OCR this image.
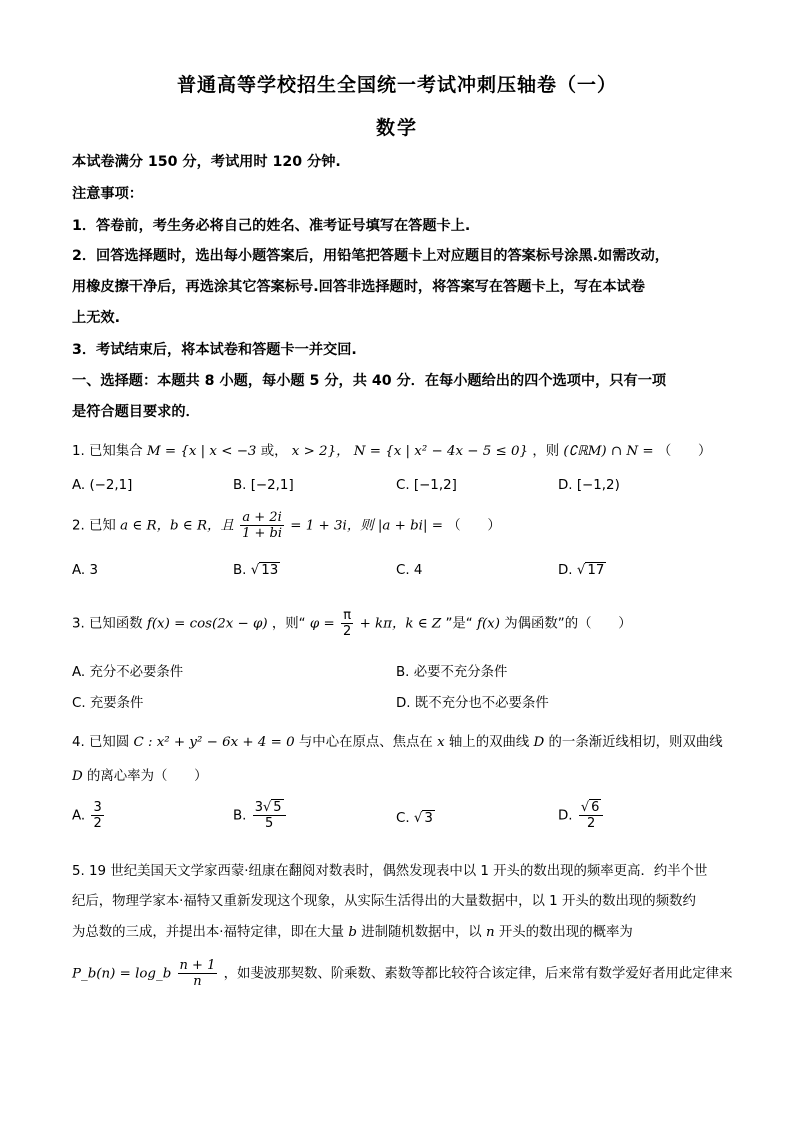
普通高等学校招生全国统一考试冲刺压轴卷（一）
数学
本试卷满分 150 分，考试用时 120 分钟.
注意事项：
1．答卷前，考生务必将自己的姓名、准考证号填写在答题卡上.
2．回答选择题时，选出每小题答案后，用铅笔把答题卡上对应题目的答案标号涂黑.如需改动，
用橡皮擦干净后，再选涂其它答案标号.回答非选择题时，将答案写在答题卡上，写在本试卷
上无效.
3．考试结束后，将本试卷和答题卡一并交回.
一、选择题：本题共 8 小题，每小题 5 分，共 40 分．在每小题给出的四个选项中，只有一项
是符合题目要求的．
1. 已知集合 M = {x | x < −3 或， x > 2}， N = {x | x² − 4x − 5 ≤ 0} ，则 (∁ℝM) ∩ N = （　　）
A. (−2,1]	B. [−2,1]	C. [−1,2]	D. [−1,2)
2. 已知 a ∈ R，b ∈ R，且 $\frac{a + 2i}{1 + bi} = 1 + 3i$，则 |a + bi| = （　　）
A. 3	B. √ 13	C. 4	D. √ 17
3. 已知函数 f(x) = cos(2x − φ) ，则“ $\varphi = \frac{\pi}{2} + k\pi$，k ∈ Z ”是“ f(x) 为偶函数”的（　　）
A. 充分不必要条件	B. 必要不充分条件
C. 充要条件	D. 既不充分也不必要条件
4. 已知圆 C : x² + y² − 6x + 4 = 0 与中心在原点、焦点在 x 轴上的双曲线 D 的一条渐近线相切，则双曲线
D 的离心率为（　　）
A. $\frac{3}{2}$	B. $\frac{3√ 5}{5}$	C. √ 3	D. $\frac{√ 6}{2}$
5. 19 世纪美国天文学家西蒙·纽康在翻阅对数表时，偶然发现表中以 1 开头的数出现的频率更高．约半个世
纪后，物理学家本·福特又重新发现这个现象，从实际生活得出的大量数据中，以 1 开头的数出现的频数约
为总数的三成，并提出本·福特定律，即在大量 b 进制随机数据中，以 n 开头的数出现的概率为
P_b(n) = log_b $\frac{n + 1}{n}$ ，如斐波那契数、阶乘数、素数等都比较符合该定律，后来常有数学爱好者用此定律来
